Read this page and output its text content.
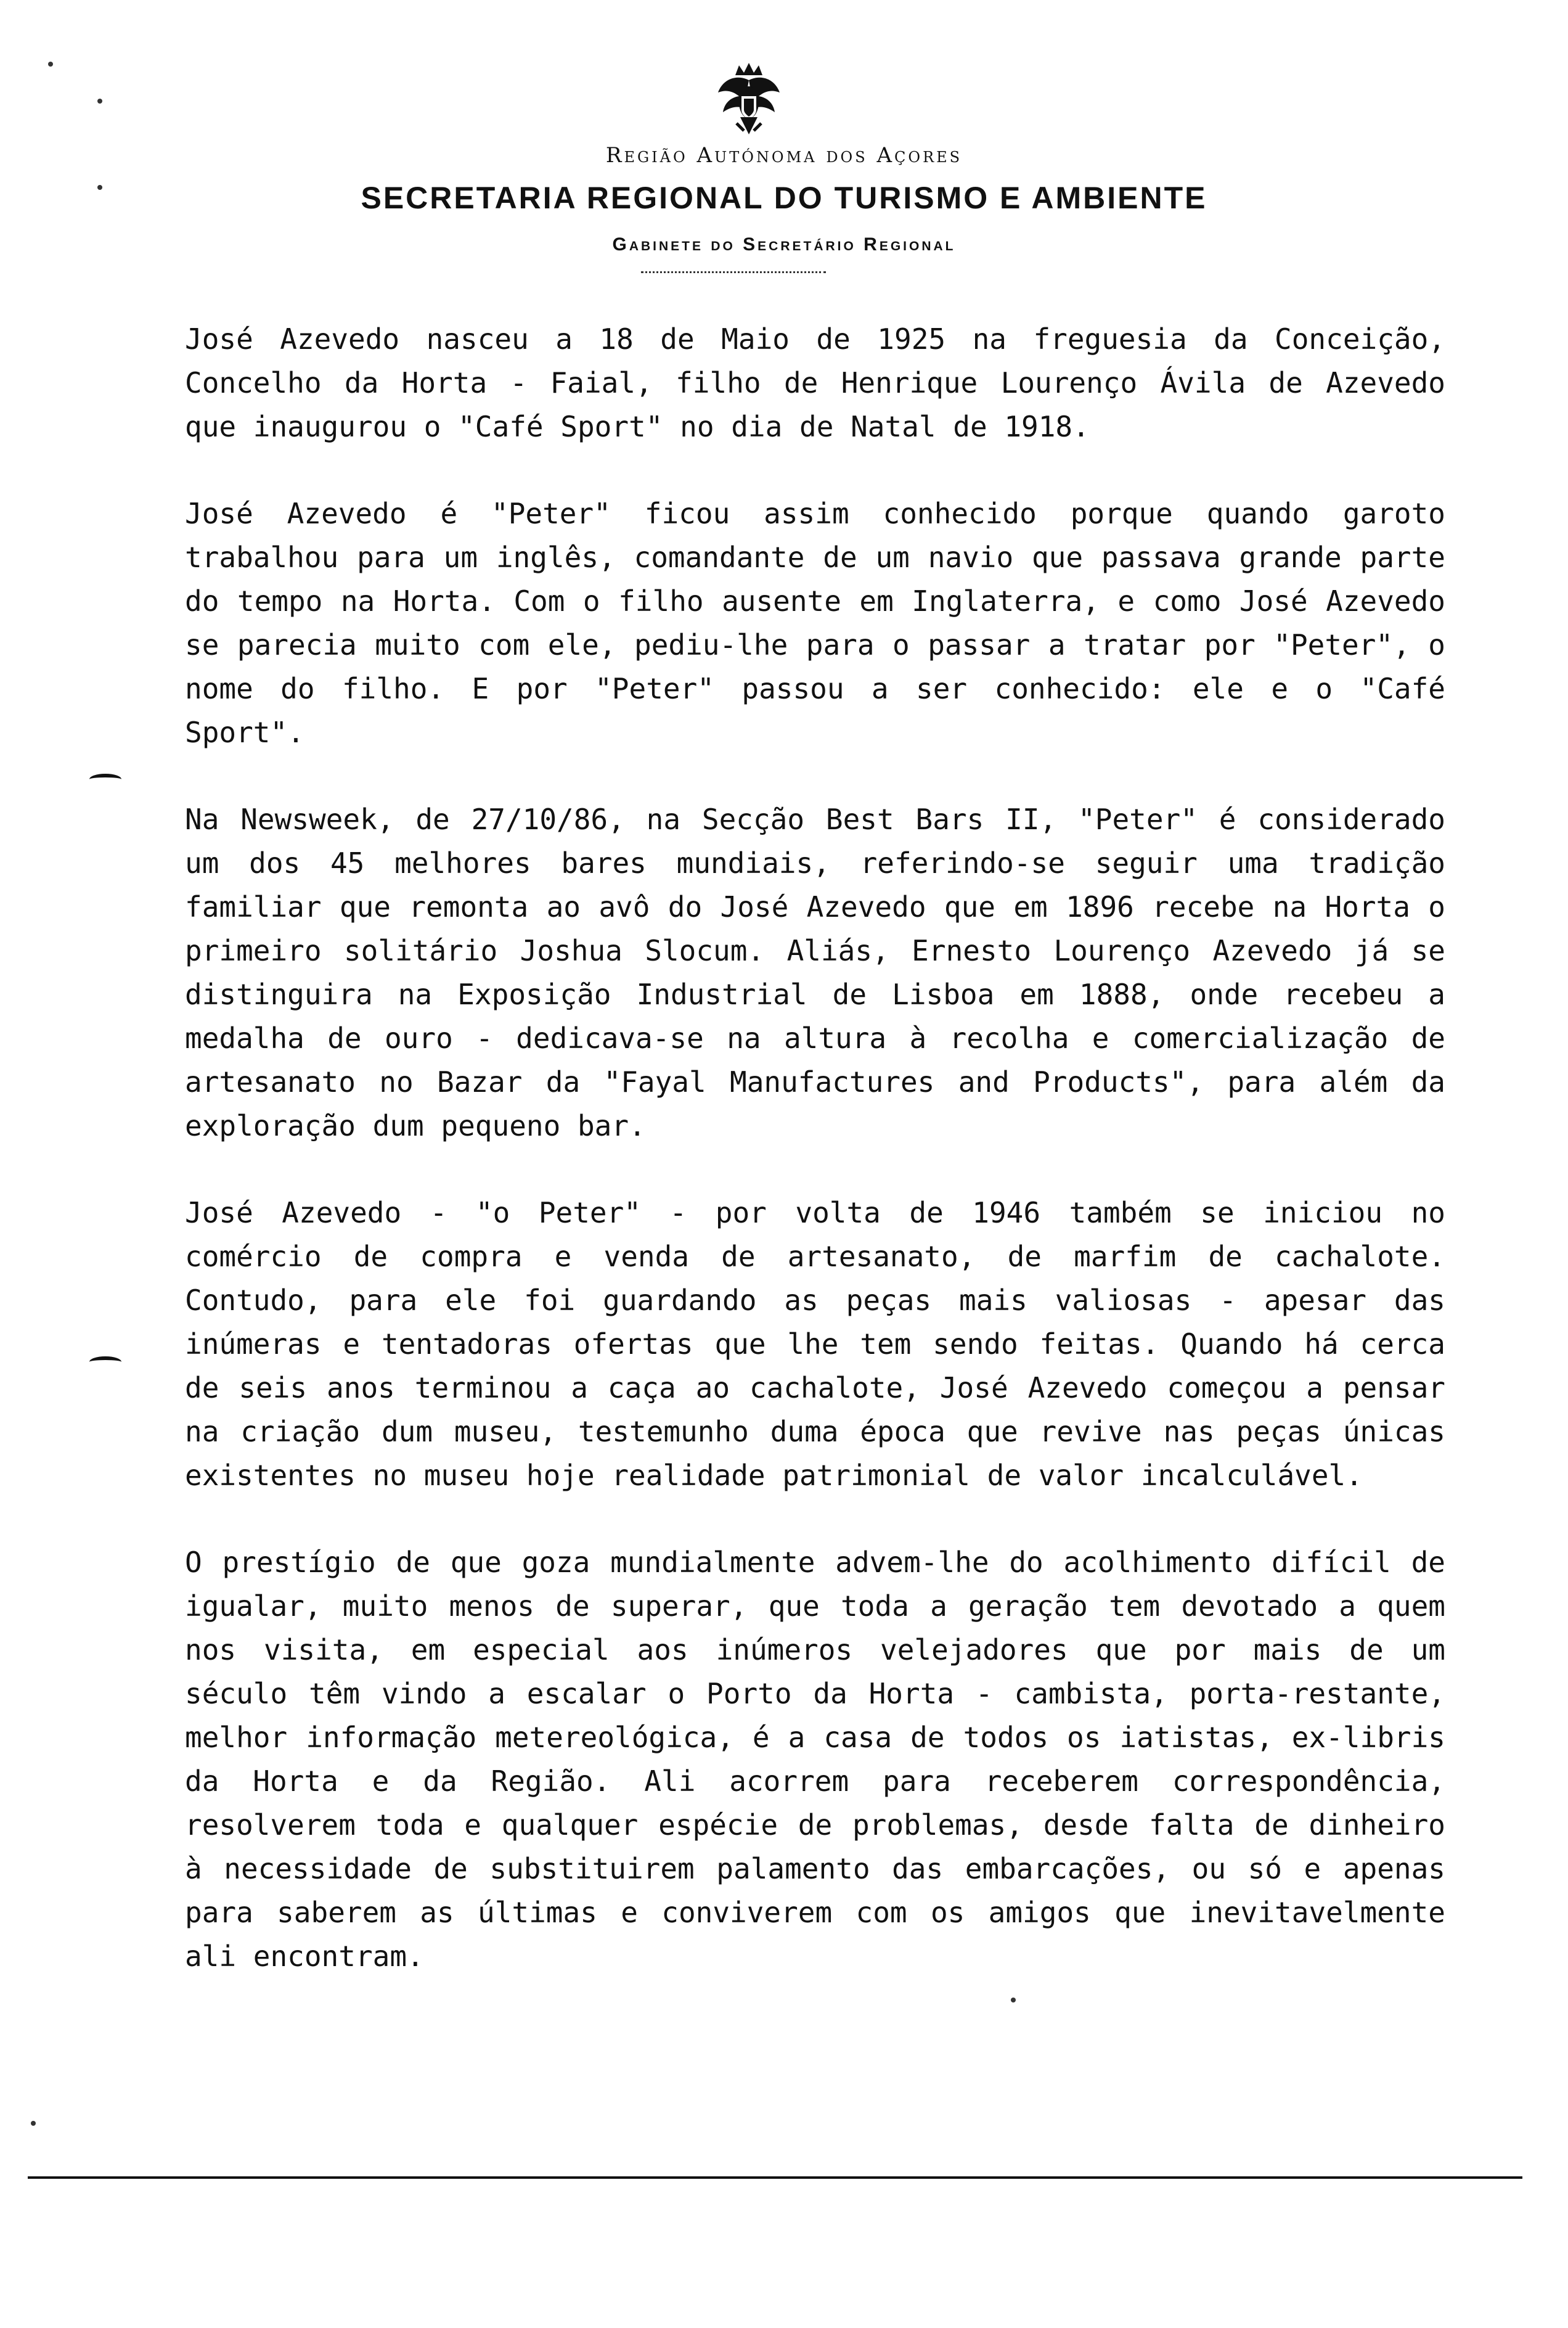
Região Autónoma dos Açores
SECRETARIA REGIONAL DO TURISMO E AMBIENTE
Gabinete do Secretário Regional

José Azevedo nasceu a 18 de Maio de 1925 na freguesia da Conceição, Concelho da Horta - Faial, filho de Henrique Lourenço Ávila de Azevedo que inaugurou o "Café Sport" no dia de Natal de 1918.

José Azevedo é "Peter" ficou assim conhecido porque quando garoto trabalhou para um inglês, comandante de um navio que passava grande parte do tempo na Horta. Com o filho ausente em Inglaterra, e como José Azevedo se parecia muito com ele, pediu-lhe para o passar a tratar por "Peter", o nome do filho. E por "Peter" passou a ser conhecido: ele e o "Café Sport".

Na Newsweek, de 27/10/86, na Secção Best Bars II, "Peter" é considerado um dos 45 melhores bares mundiais, referindo-se seguir uma tradição familiar que remonta ao avô do José Azevedo que em 1896 recebe na Horta o primeiro solitário Joshua Slocum. Aliás, Ernesto Lourenço Azevedo já se distinguira na Exposição Industrial de Lisboa em 1888, onde recebeu a medalha de ouro - dedicava-se na altura à recolha e comercialização de artesanato no Bazar da "Fayal Manufactures and Products", para além da exploração dum pequeno bar.

José Azevedo - "o Peter" - por volta de 1946 também se iniciou no comércio de compra e venda de artesanato, de marfim de cachalote. Contudo, para ele foi guardando as peças mais valiosas - apesar das inúmeras e tentadoras ofertas que lhe tem sendo feitas. Quando há cerca de seis anos terminou a caça ao cachalote, José Azevedo começou a pensar na criação dum museu, testemunho duma época que revive nas peças únicas existentes no museu hoje realidade patrimonial de valor incalculável.

O prestígio de que goza mundialmente advem-lhe do acolhimento difícil de igualar, muito menos de superar, que toda a geração tem devotado a quem nos visita, em especial aos inúmeros velejadores que por mais de um século têm vindo a escalar o Porto da Horta - cambista, porta-restante, melhor informação metereológica, é a casa de todos os iatistas, ex-libris da Horta e da Região. Ali acorrem para receberem correspondência, resolverem toda e qualquer espécie de problemas, desde falta de dinheiro à necessidade de substituirem palamento das embarcações, ou só e apenas para saberem as últimas e conviverem com os amigos que inevitavelmente ali encontram.
